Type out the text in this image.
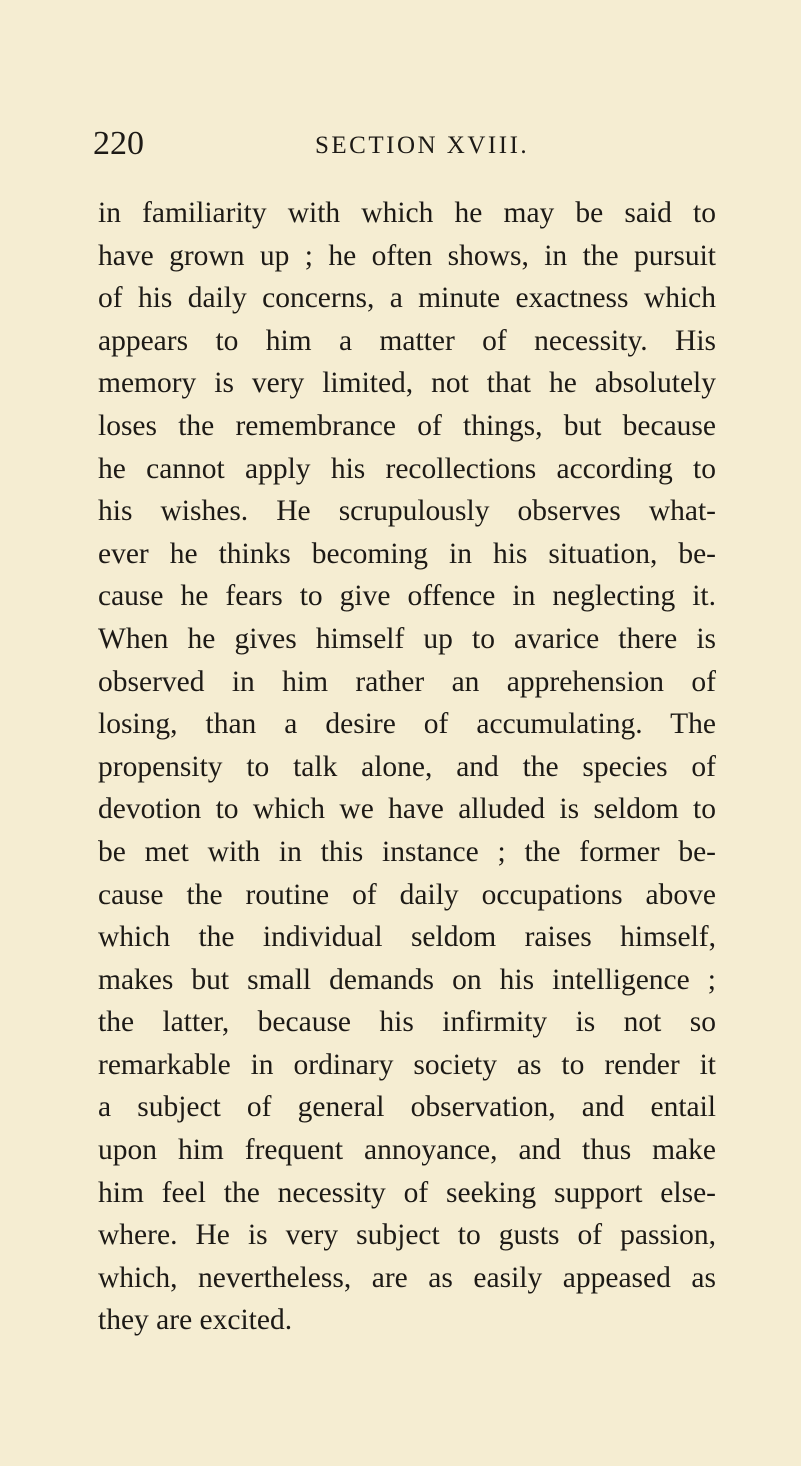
220	SECTION XVIII.
in familiarity with which he may be said to
have grown up ; he often shows, in the pursuit
of his daily concerns, a minute exactness which
appears to him a matter of necessity. His
memory is very limited, not that he absolutely
loses the remembrance of things, but because
he cannot apply his recollections according to
his wishes. He scrupulously observes what-
ever he thinks becoming in his situation, be-
cause he fears to give offence in neglecting it.
When he gives himself up to avarice there is
observed in him rather an apprehension of
losing, than a desire of accumulating. The
propensity to talk alone, and the species of
devotion to which we have alluded is seldom to
be met with in this instance ; the former be-
cause the routine of daily occupations above
which the individual seldom raises himself,
makes but small demands on his intelligence ;
the latter, because his infirmity is not so
remarkable in ordinary society as to render it
a subject of general observation, and entail
upon him frequent annoyance, and thus make
him feel the necessity of seeking support else-
where. He is very subject to gusts of passion,
which, nevertheless, are as easily appeased as
they are excited.
